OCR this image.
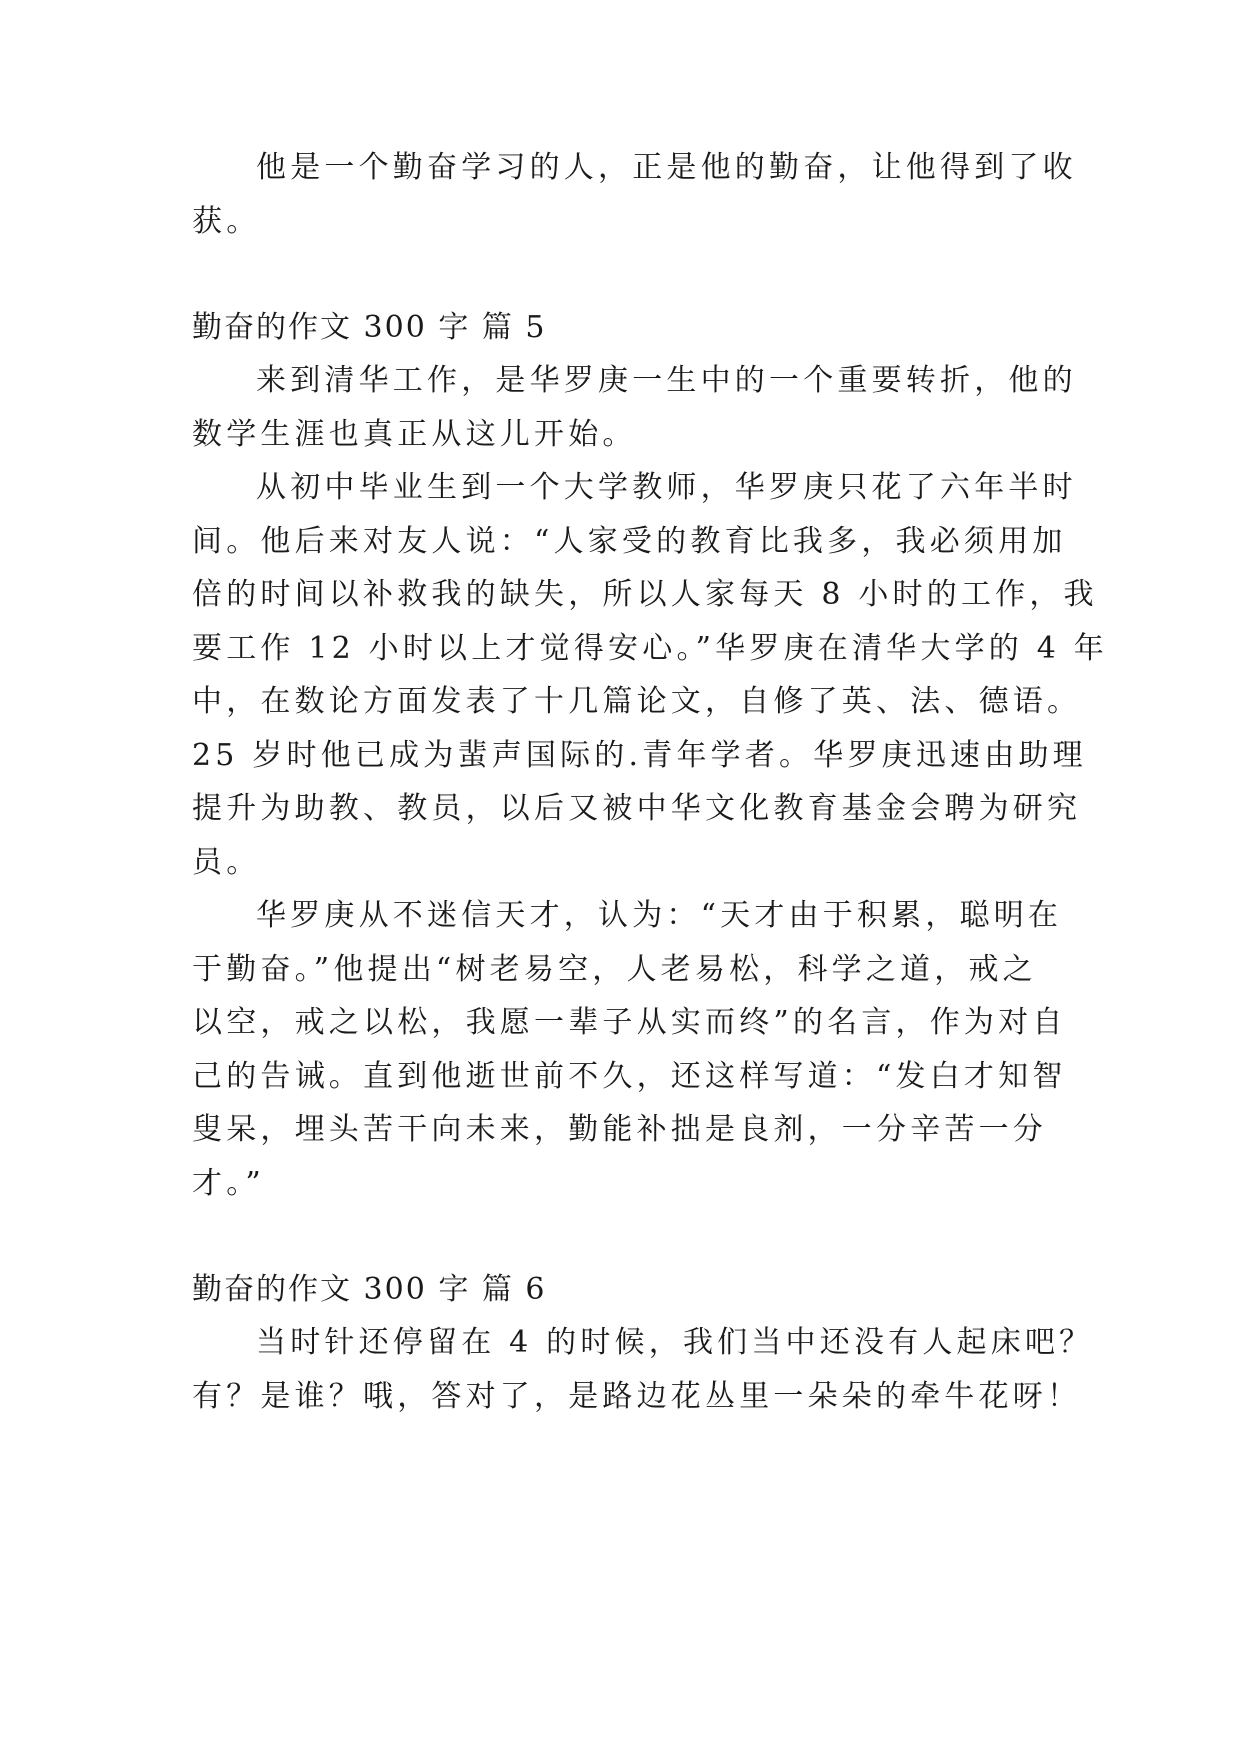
他是一个勤奋学习的人，正是他的勤奋，让他得到了收
获。
勤奋的作文 300 字 篇 5
来到清华工作，是华罗庚一生中的一个重要转折，他的
数学生涯也真正从这儿开始。
从初中毕业生到一个大学教师，华罗庚只花了六年半时
间。他后来对友人说：“人家受的教育比我多，我必须用加
倍的时间以补救我的缺失，所以人家每天 8 小时的工作，我
要工作 12 小时以上才觉得安心。”华罗庚在清华大学的 4 年
中，在数论方面发表了十几篇论文，自修了英、法、德语。
25 岁时他已成为蜚声国际的.青年学者。华罗庚迅速由助理
提升为助教、教员，以后又被中华文化教育基金会聘为研究
员。
华罗庚从不迷信天才，认为：“天才由于积累，聪明在
于勤奋。”他提出“树老易空，人老易松，科学之道，戒之
以空，戒之以松，我愿一辈子从实而终”的名言，作为对自
己的告诫。直到他逝世前不久，还这样写道：“发白才知智
叟呆，埋头苦干向未来，勤能补拙是良剂，一分辛苦一分
才。”
勤奋的作文 300 字 篇 6
当时针还停留在 4 的时候，我们当中还没有人起床吧？
有？是谁？哦，答对了，是路边花丛里一朵朵的牵牛花呀！
